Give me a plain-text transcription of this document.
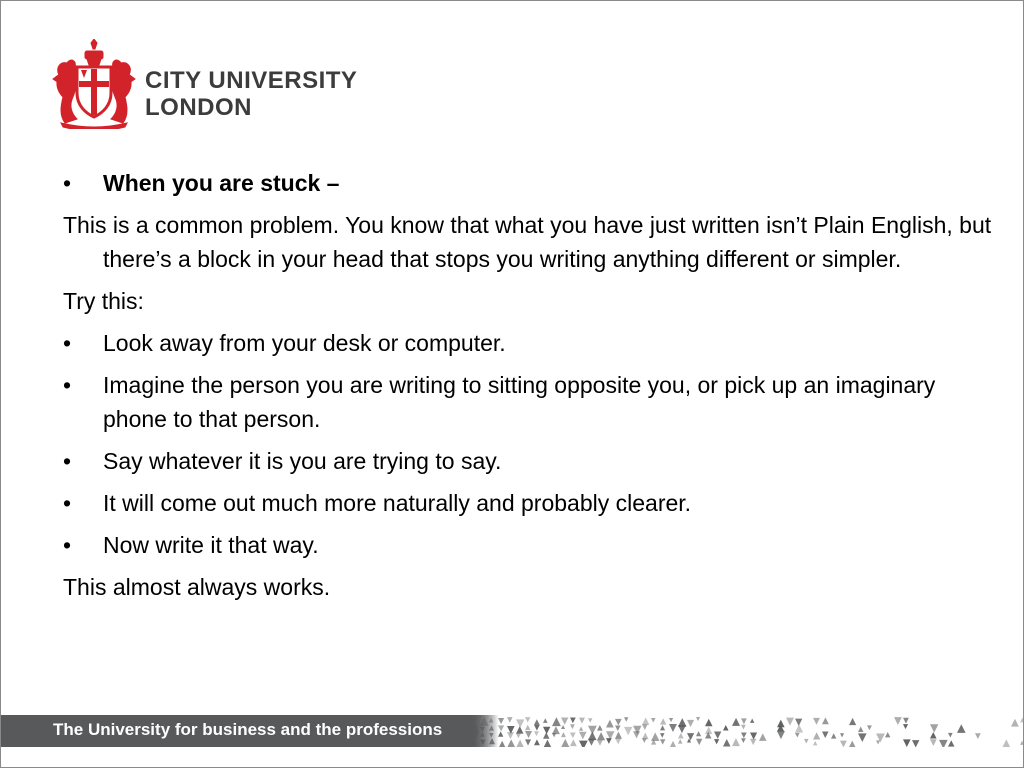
CITY UNIVERSITY
LONDON
•	When you are stuck –

This is a common problem. You know that what you have just written isn’t Plain English, but there’s a block in your head that stops you writing anything different or simpler.

Try this:

•	Look away from your desk or computer.
•	Imagine the person you are writing to sitting opposite you, or pick up an imaginary phone to that person.
•	Say whatever it is you are trying to say.
•	It will come out much more naturally and probably clearer.
•	Now write it that way.

This almost always works.

The University for business and the professions
